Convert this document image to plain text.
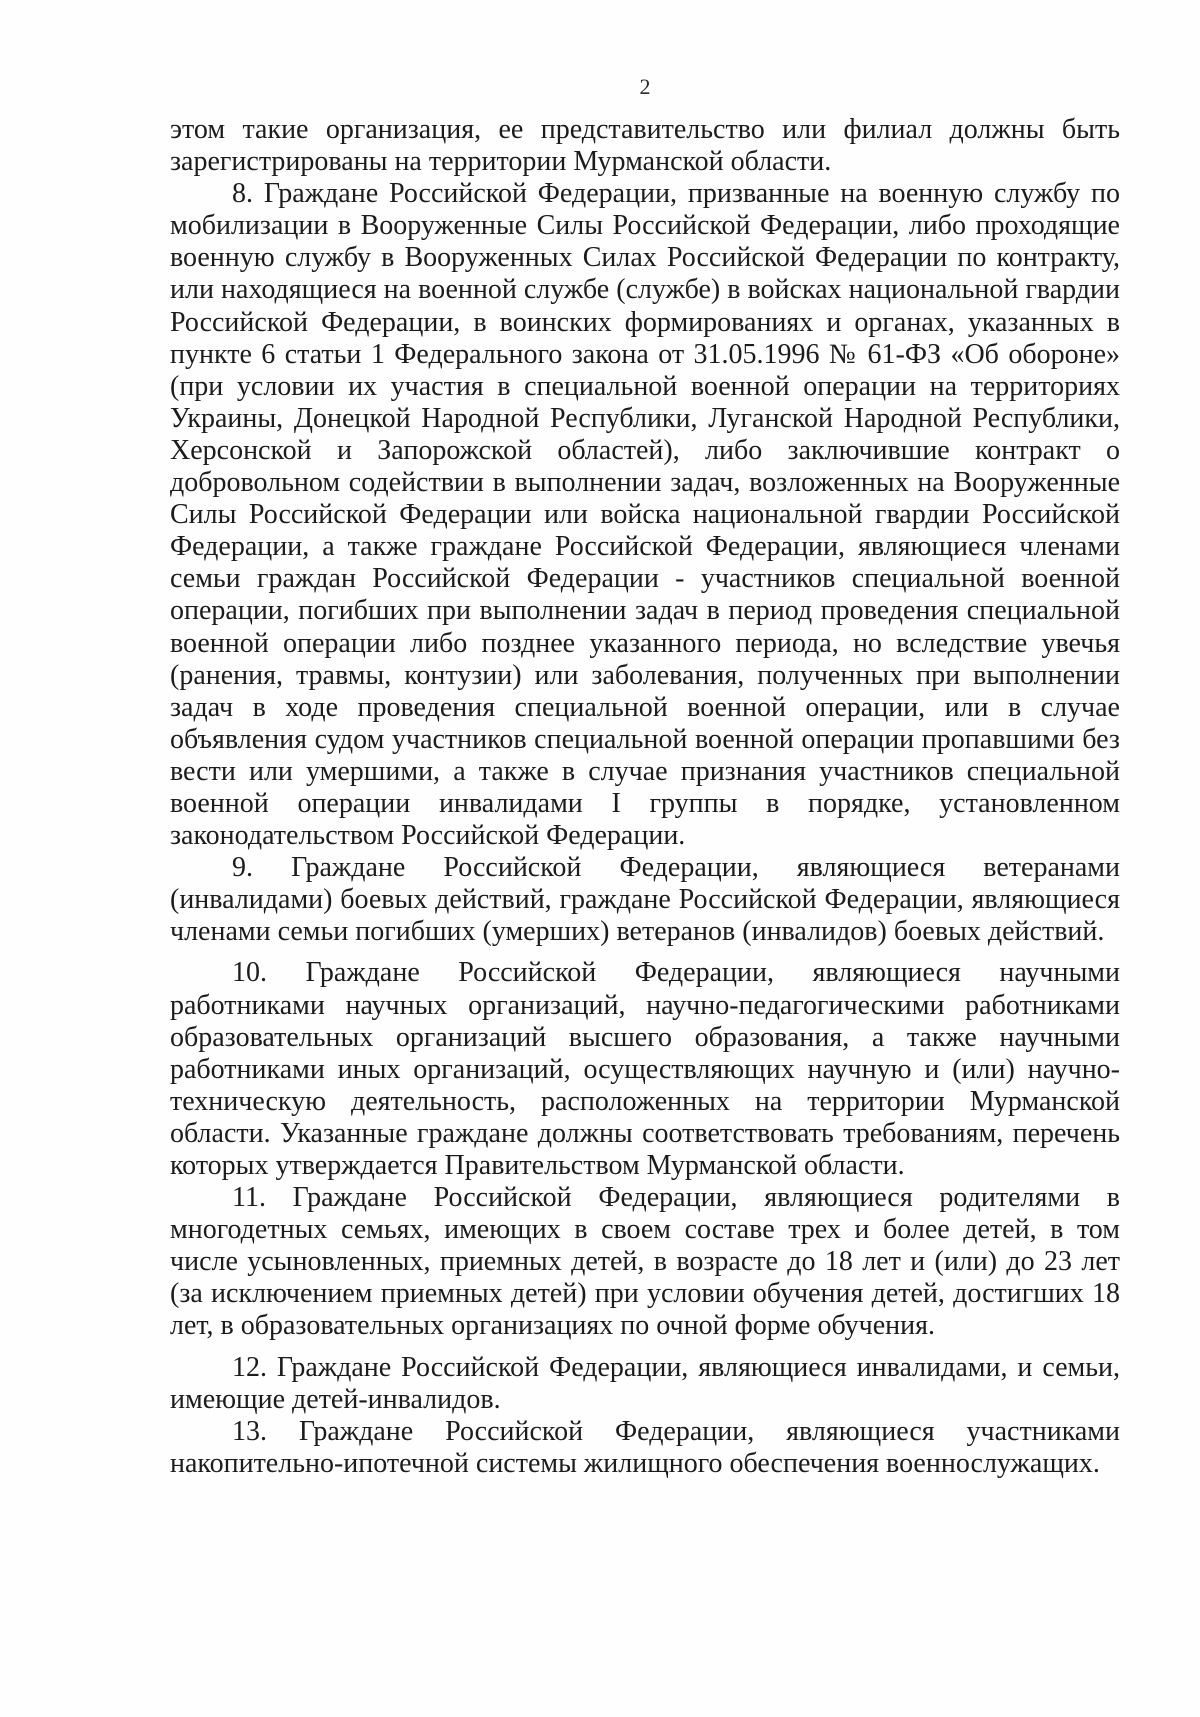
2

этом такие организация, ее представительство или филиал должны быть зарегистрированы на территории Мурманской области.

8. Граждане Российской Федерации, призванные на военную службу по мобилизации в Вооруженные Силы Российской Федерации, либо проходящие военную службу в Вооруженных Силах Российской Федерации по контракту, или находящиеся на военной службе (службе) в войсках национальной гвардии Российской Федерации, в воинских формированиях и органах, указанных в пункте 6 статьи 1 Федерального закона от 31.05.1996 № 61-ФЗ «Об обороне» (при условии их участия в специальной военной операции на территориях Украины, Донецкой Народной Республики, Луганской Народной Республики, Херсонской и Запорожской областей), либо заключившие контракт о добровольном содействии в выполнении задач, возложенных на Вооруженные Силы Российской Федерации или войска национальной гвардии Российской Федерации, а также граждане Российской Федерации, являющиеся членами семьи граждан Российской Федерации - участников специальной военной операции, погибших при выполнении задач в период проведения специальной военной операции либо позднее указанного периода, но вследствие увечья (ранения, травмы, контузии) или заболевания, полученных при выполнении задач в ходе проведения специальной военной операции, или в случае объявления судом участников специальной военной операции пропавшими без вести или умершими, а также в случае признания участников специальной военной операции инвалидами I группы в порядке, установленном законодательством Российской Федерации.

9. Граждане Российской Федерации, являющиеся ветеранами (инвалидами) боевых действий, граждане Российской Федерации, являющиеся членами семьи погибших (умерших) ветеранов (инвалидов) боевых действий.

10. Граждане Российской Федерации, являющиеся научными работниками научных организаций, научно-педагогическими работниками образовательных организаций высшего образования, а также научными работниками иных организаций, осуществляющих научную и (или) научно-техническую деятельность, расположенных на территории Мурманской области. Указанные граждане должны соответствовать требованиям, перечень которых утверждается Правительством Мурманской области.

11. Граждане Российской Федерации, являющиеся родителями в многодетных семьях, имеющих в своем составе трех и более детей, в том числе усыновленных, приемных детей, в возрасте до 18 лет и (или) до 23 лет (за исключением приемных детей) при условии обучения детей, достигших 18 лет, в образовательных организациях по очной форме обучения.

12. Граждане Российской Федерации, являющиеся инвалидами, и семьи, имеющие детей-инвалидов.

13. Граждане Российской Федерации, являющиеся участниками накопительно-ипотечной системы жилищного обеспечения военнослужащих.
